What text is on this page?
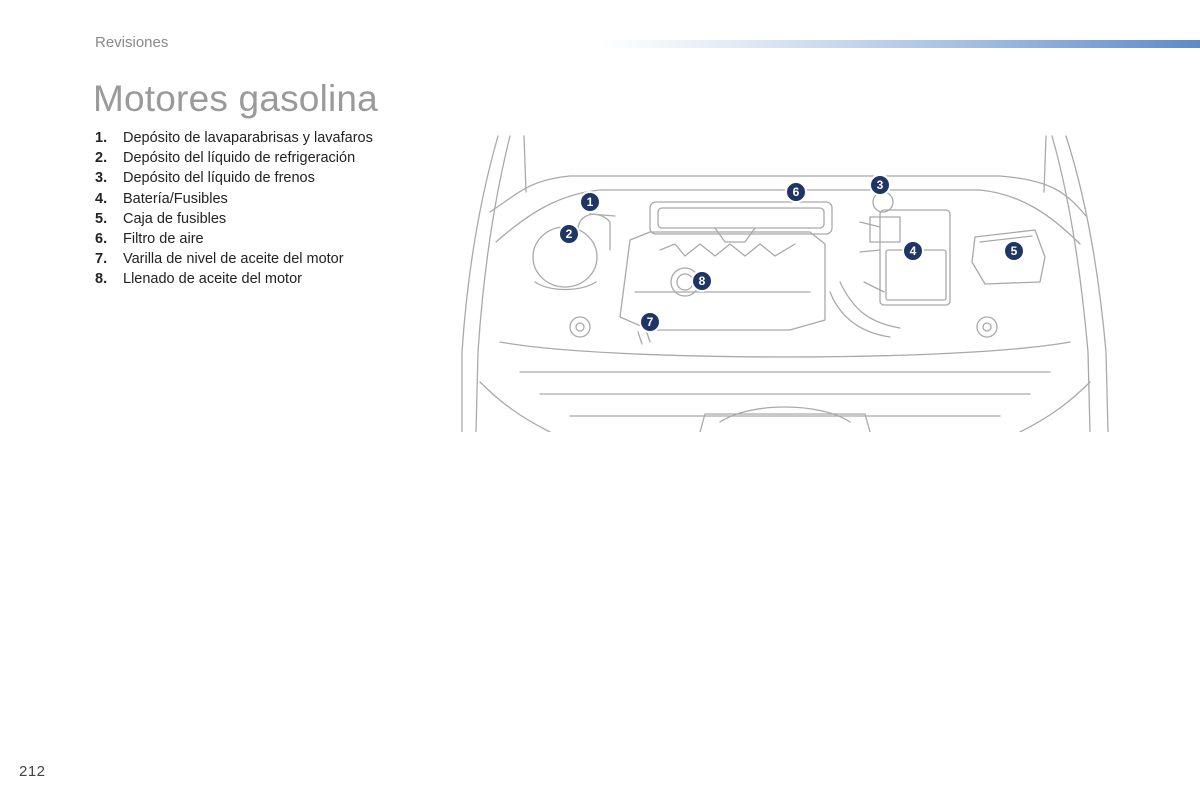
Revisiones
Motores gasolina
1. Depósito de lavaparabrisas y lavafaros
2. Depósito del líquido de refrigeración
3. Depósito del líquido de frenos
4. Batería/Fusibles
5. Caja de fusibles
6. Filtro de aire
7. Varilla de nivel de aceite del motor
8. Llenado de aceite del motor
1
2
3
4	5
6
7
8
212
